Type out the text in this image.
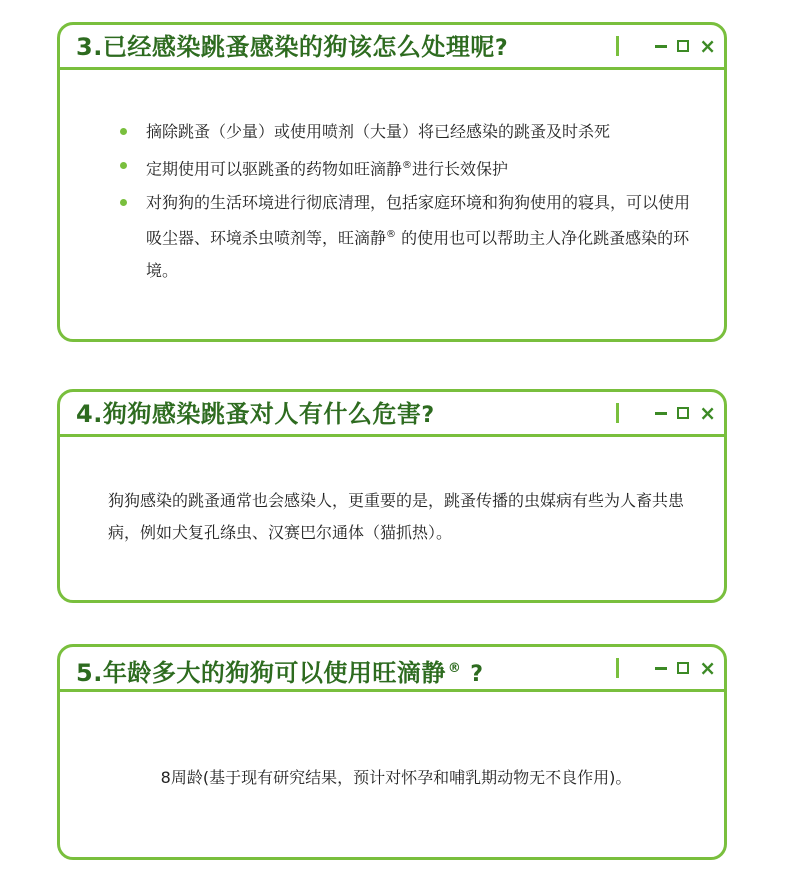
3.已经感染跳蚤感染的狗该怎么处理呢?	×
摘除跳蚤（少量）或使用喷剂（大量）将已经感染的跳蚤及时杀死
定期使用可以驱跳蚤的药物如旺滴静®进行长效保护
对狗狗的生活环境进行彻底清理，包括家庭环境和狗狗使用的寝具，可以使用吸尘器、环境杀虫喷剂等，旺滴静® 的使用也可以帮助主人净化跳蚤感染的环境。
4.狗狗感染跳蚤对人有什么危害?	×
狗狗感染的跳蚤通常也会感染人，更重要的是，跳蚤传播的虫媒病有些为人畜共患病，例如犬复孔绦虫、汉赛巴尔通体（猫抓热）。
5.年龄多大的狗狗可以使用旺滴静 ® ?	×
8周龄(基于现有研究结果，预计对怀孕和哺乳期动物无不良作用)。
